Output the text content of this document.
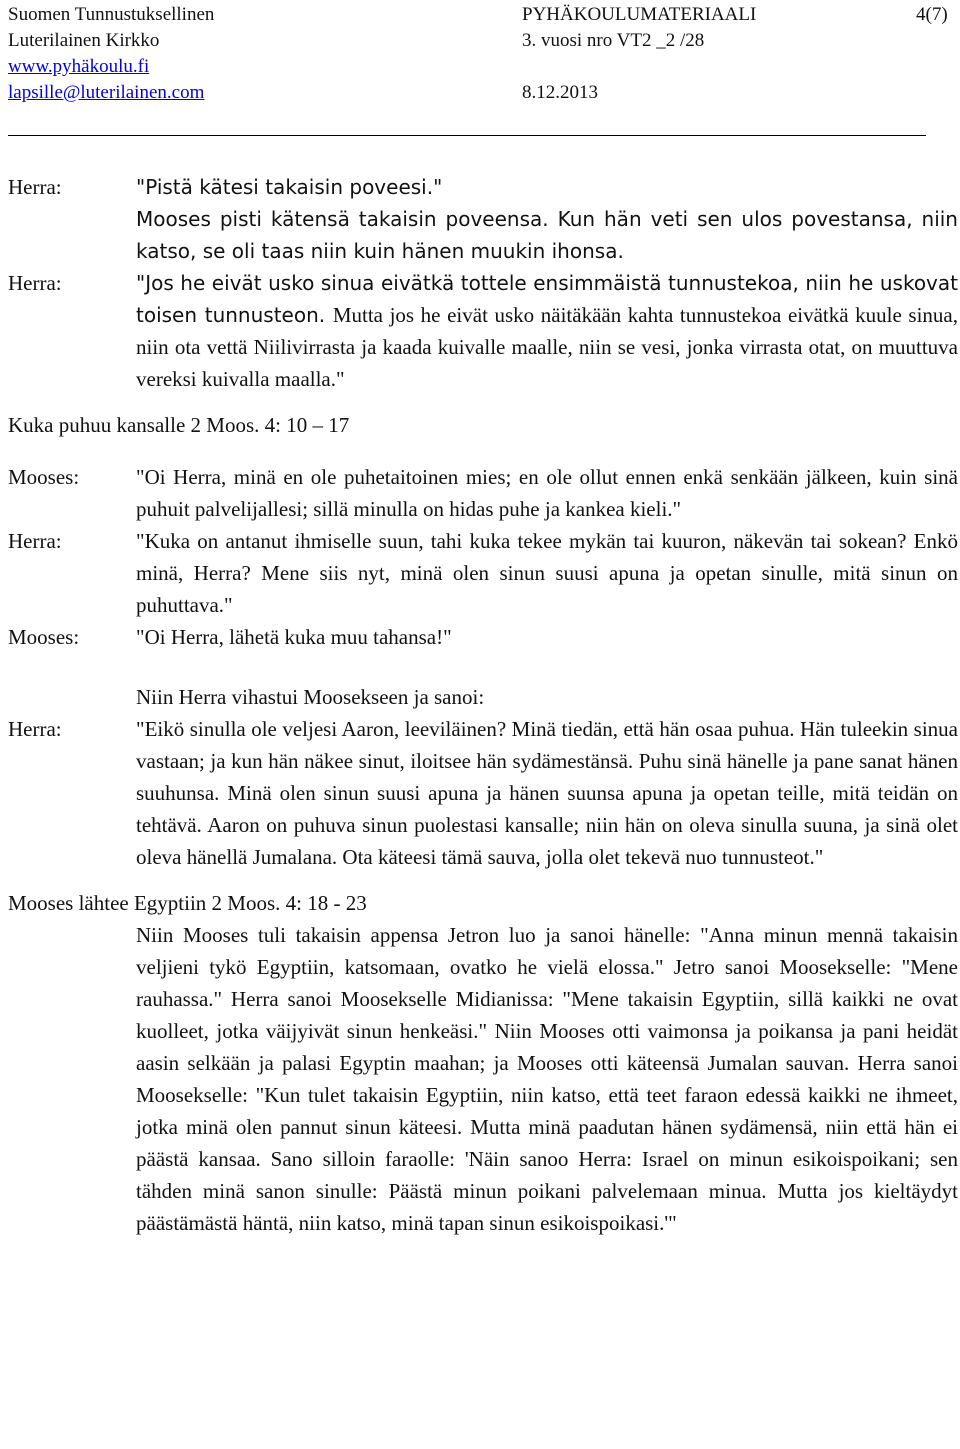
Suomen Tunnustuksellinen	PYHÄKOULUMATERIAALI	4(7)
Luterilainen Kirkko	3. vuosi nro VT2 _2 /28
www.pyhäkoulu.fi
lapsille@luterilainen.com	8.12.2013
Herra:	"Pistä kätesi takaisin poveesi."
Mooses pisti kätensä takaisin poveensa. Kun hän veti sen ulos povestansa, niin katso, se oli taas niin kuin hänen muukin ihonsa.
Herra:	"Jos he eivät usko sinua eivätkä tottele ensimmäistä tunnustekoa, niin he uskovat toisen tunnusteon. Mutta jos he eivät usko näitäkään kahta tunnustekoa eivätkä kuule sinua, niin ota vettä Niilivirrasta ja kaada kuivalle maalle, niin se vesi, jonka virrasta otat, on muuttuva vereksi kuivalla maalla."
Kuka puhuu kansalle 2 Moos. 4: 10 – 17
Mooses:	"Oi Herra, minä en ole puhetaitoinen mies; en ole ollut ennen enkä senkään jälkeen, kuin sinä puhuit palvelijallesi; sillä minulla on hidas puhe ja kankea kieli."
Herra:	"Kuka on antanut ihmiselle suun, tahi kuka tekee mykän tai kuuron, näkevän tai sokean? Enkö minä, Herra? Mene siis nyt, minä olen sinun suusi apuna ja opetan sinulle, mitä sinun on puhuttava."
Mooses:	"Oi Herra, lähetä kuka muu tahansa!"
Niin Herra vihastui Moosekseen ja sanoi:
Herra:	"Eikö sinulla ole veljesi Aaron, leeviläinen? Minä tiedän, että hän osaa puhua. Hän tuleekin sinua vastaan; ja kun hän näkee sinut, iloitsee hän sydämestänsä. Puhu sinä hänelle ja pane sanat hänen suuhunsa. Minä olen sinun suusi apuna ja hänen suunsa apuna ja opetan teille, mitä teidän on tehtävä. Aaron on puhuva sinun puolestasi kansalle; niin hän on oleva sinulla suuna, ja sinä olet oleva hänellä Jumalana. Ota käteesi tämä sauva, jolla olet tekevä nuo tunnusteot."
Mooses lähtee Egyptiin 2 Moos. 4: 18 - 23
Niin Mooses tuli takaisin appensa Jetron luo ja sanoi hänelle: "Anna minun mennä takaisin veljieni tykö Egyptiin, katsomaan, ovatko he vielä elossa." Jetro sanoi Moosekselle: "Mene rauhassa." Herra sanoi Moosekselle Midianissa: "Mene takaisin Egyptiin, sillä kaikki ne ovat kuolleet, jotka väijyivät sinun henkeäsi." Niin Mooses otti vaimonsa ja poikansa ja pani heidät aasin selkään ja palasi Egyptin maahan; ja Mooses otti käteensä Jumalan sauvan. Herra sanoi Moosekselle: "Kun tulet takaisin Egyptiin, niin katso, että teet faraon edessä kaikki ne ihmeet, jotka minä olen pannut sinun käteesi. Mutta minä paadutan hänen sydämensä, niin että hän ei päästä kansaa. Sano silloin faraolle: 'Näin sanoo Herra: Israel on minun esikoispoikani; sen tähden minä sanon sinulle: Päästä minun poikani palvelemaan minua. Mutta jos kieltäydyt päästämästä häntä, niin katso, minä tapan sinun esikoispoikasi.'"
